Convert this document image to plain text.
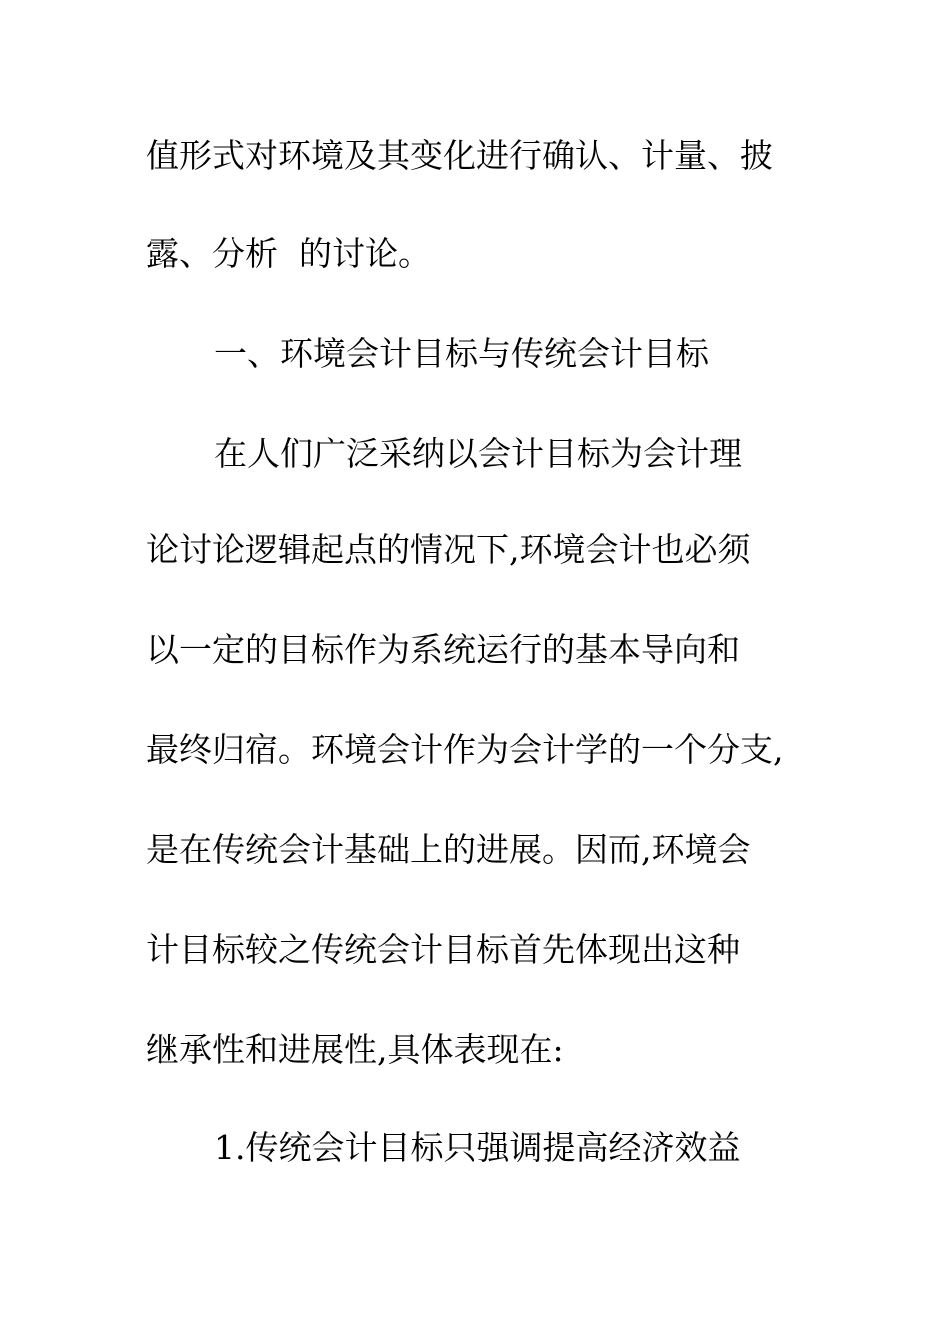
值形式对环境及其变化进行确认、计量、披
露、分析  的讨论。
一、环境会计目标与传统会计目标
在人们广泛采纳以会计目标为会计理
论讨论逻辑起点的情况下,环境会计也必须
以一定的目标作为系统运行的基本导向和
最终归宿。环境会计作为会计学的一个分支,
是在传统会计基础上的进展。因而,环境会
计目标较之传统会计目标首先体现出这种
继承性和进展性,具体表现在:
1.传统会计目标只强调提高经济效益
